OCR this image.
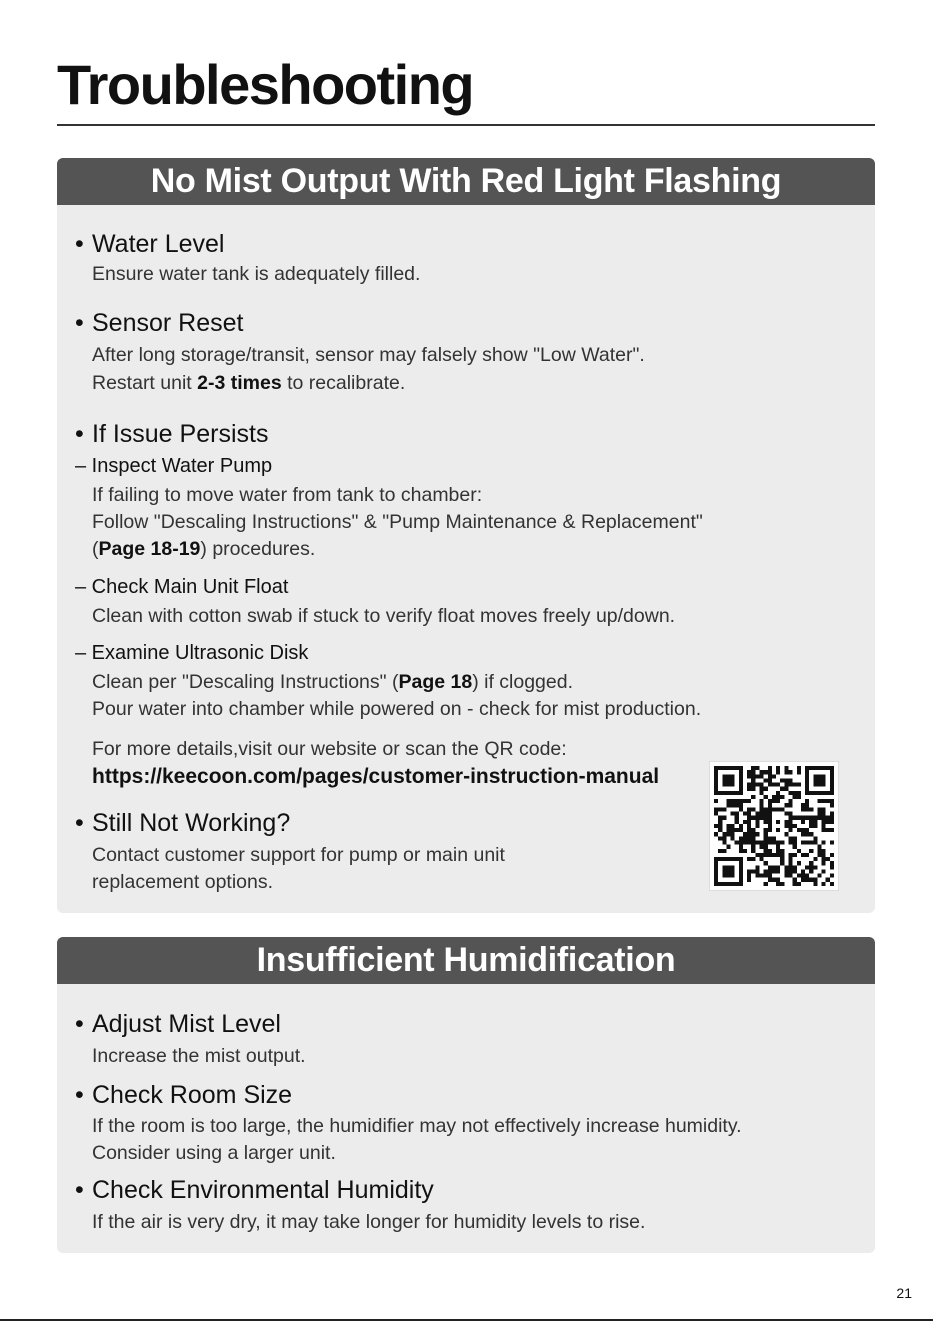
Troubleshooting
No Mist Output With Red Light Flashing
• Water Level
Ensure water tank is adequately filled.
• Sensor Reset
After long storage/transit, sensor may falsely show "Low Water".
Restart unit 2-3 times to recalibrate.
• If Issue Persists
– Inspect Water Pump
If failing to move water from tank to chamber:
Follow "Descaling Instructions" & "Pump Maintenance & Replacement"
(Page 18-19) procedures.
– Check Main Unit Float
Clean with cotton swab if stuck to verify float moves freely up/down.
– Examine Ultrasonic Disk
Clean per "Descaling Instructions" (Page 18) if clogged.
Pour water into chamber while powered on - check for mist production.
For more details,visit our website or scan the QR code:
https://keecoon.com/pages/customer-instruction-manual
• Still Not Working?
Contact customer support for pump or main unit
replacement options.
Insufficient Humidification
• Adjust Mist Level
Increase the mist output.
• Check Room Size
If the room is too large, the humidifier may not effectively increase humidity.
Consider using a larger unit.
• Check Environmental Humidity
If the air is very dry, it may take longer for humidity levels to rise.
21
